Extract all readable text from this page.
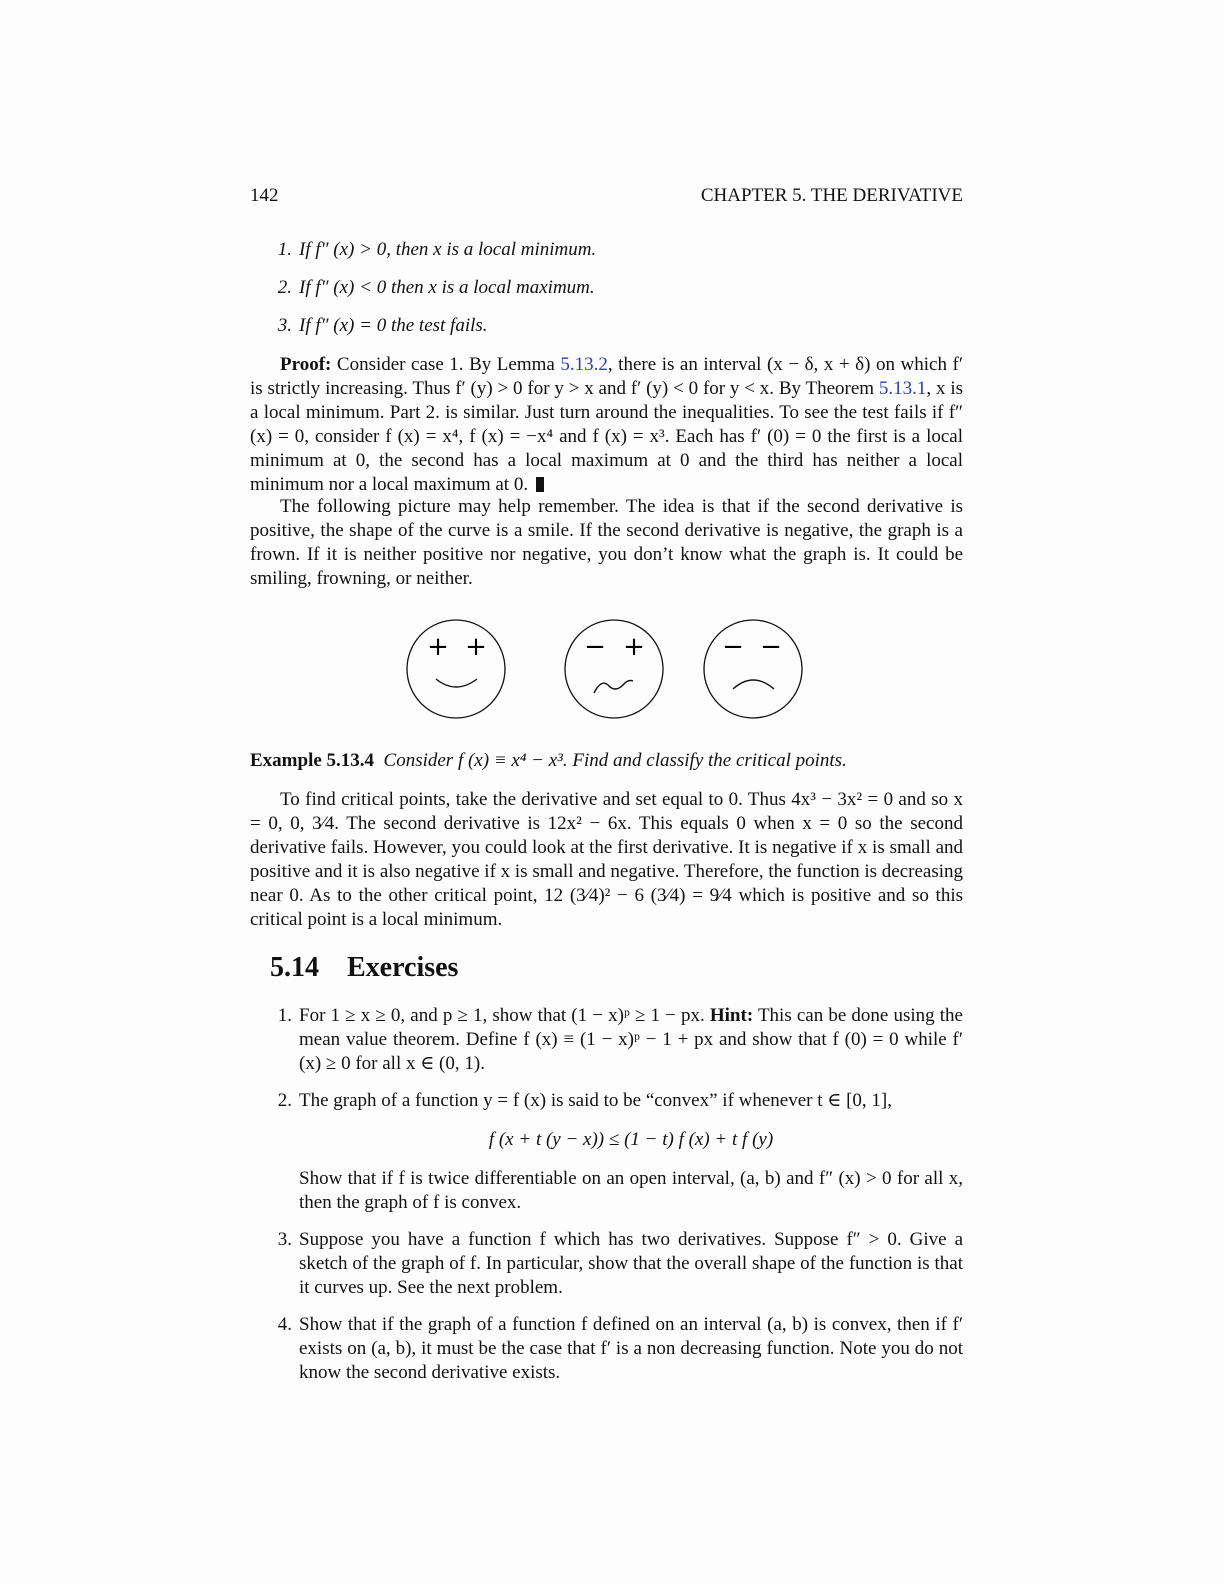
142	CHAPTER 5. THE DERIVATIVE
1. If f″ (x) > 0, then x is a local minimum.
2. If f″ (x) < 0 then x is a local maximum.
3. If f″ (x) = 0 the test fails.

Proof: Consider case 1. By Lemma 5.13.2, there is an interval (x − δ, x + δ) on which f′ is strictly increasing. Thus f′ (y) > 0 for y > x and f′ (y) < 0 for y < x. By Theorem 5.13.1, x is a local minimum. Part 2. is similar. Just turn around the inequalities. To see the test fails if f″ (x) = 0, consider f (x) = x⁴, f (x) = −x⁴ and f (x) = x³. Each has f′ (0) = 0 the first is a local minimum at 0, the second has a local maximum at 0 and the third has neither a local minimum nor a local maximum at 0.

The following picture may help remember. The idea is that if the second derivative is positive, the shape of the curve is a smile. If the second derivative is negative, the graph is a frown. If it is neither positive nor negative, you don’t know what the graph is. It could be smiling, frowning, or neither.

+ +	− +	− −

Example 5.13.4 Consider f (x) ≡ x⁴ − x³. Find and classify the critical points.

To find critical points, take the derivative and set equal to 0. Thus 4x³ − 3x² = 0 and so x = 0, 0, 3⁄4. The second derivative is 12x² − 6x. This equals 0 when x = 0 so the second derivative fails. However, you could look at the first derivative. It is negative if x is small and positive and it is also negative if x is small and negative. Therefore, the function is decreasing near 0. As to the other critical point, 12 (3⁄4)² − 6 (3⁄4) = 9⁄4 which is positive and so this critical point is a local minimum.

5.14 Exercises
1. For 1 ≥ x ≥ 0, and p ≥ 1, show that (1 − x)ᵖ ≥ 1 − px. Hint: This can be done using the mean value theorem. Define f (x) ≡ (1 − x)ᵖ − 1 + px and show that f (0) = 0 while f′ (x) ≥ 0 for all x ∈ (0, 1).
2. The graph of a function y = f (x) is said to be “convex” if whenever t ∈ [0, 1],
f (x + t (y − x)) ≤ (1 − t) f (x) + t f (y)
Show that if f is twice differentiable on an open interval, (a, b) and f″ (x) > 0 for all x, then the graph of f is convex.
3. Suppose you have a function f which has two derivatives. Suppose f″ > 0. Give a sketch of the graph of f. In particular, show that the overall shape of the function is that it curves up. See the next problem.
4. Show that if the graph of a function f defined on an interval (a, b) is convex, then if f′ exists on (a, b), it must be the case that f′ is a non decreasing function. Note you do not know the second derivative exists.
